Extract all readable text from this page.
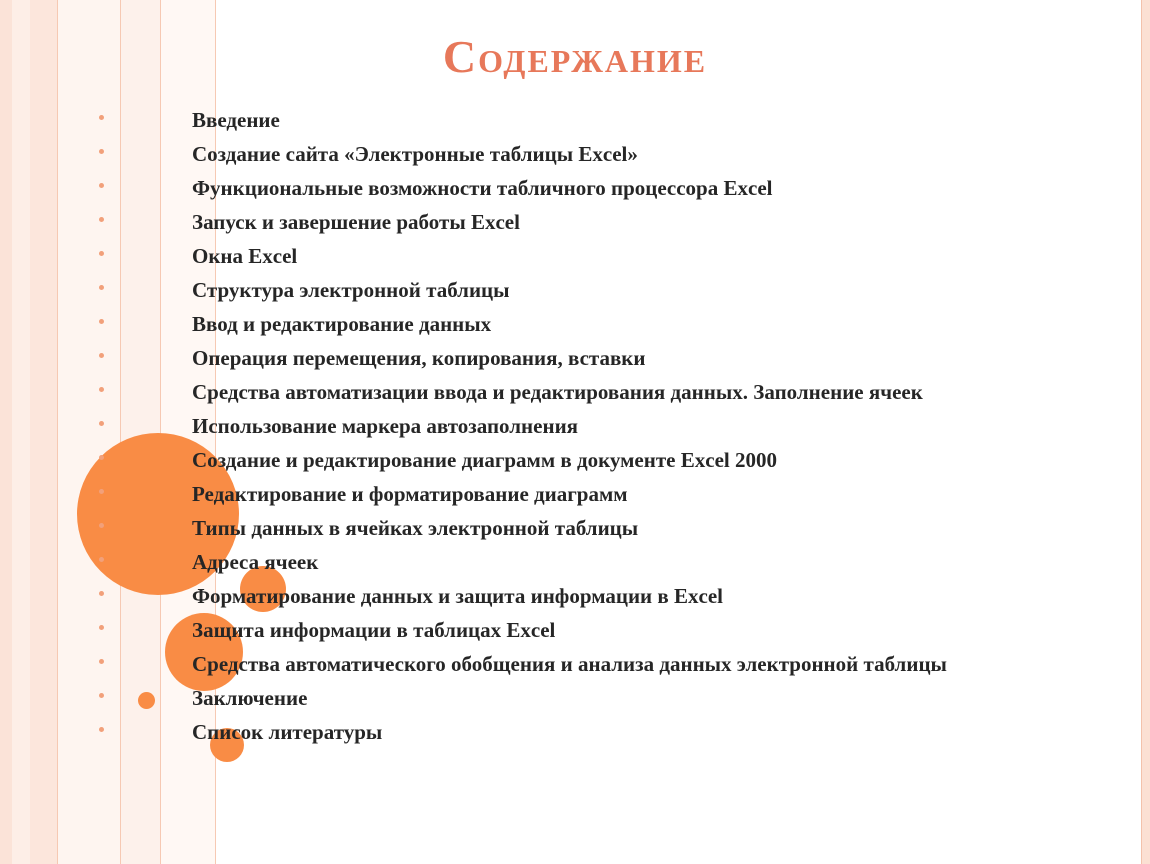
Содержание
Введение
Создание сайта «Электронные таблицы Excel»
Функциональные возможности табличного процессора Excel
Запуск и завершение работы Excel
Окна Excel
Структура электронной таблицы
Ввод и редактирование данных
Операция перемещения, копирования, вставки
Средства автоматизации ввода и редактирования данных. Заполнение ячеек
Использование маркера автозаполнения
Создание и редактирование диаграмм в документе Excel 2000
Редактирование и форматирование диаграмм
Типы данных в ячейках электронной таблицы
Адреса ячеек
Форматирование данных и защита информации в Excel
Защита информации в таблицах Excel
Средства автоматического обобщения и анализа данных электронной таблицы
Заключение
Список литературы
